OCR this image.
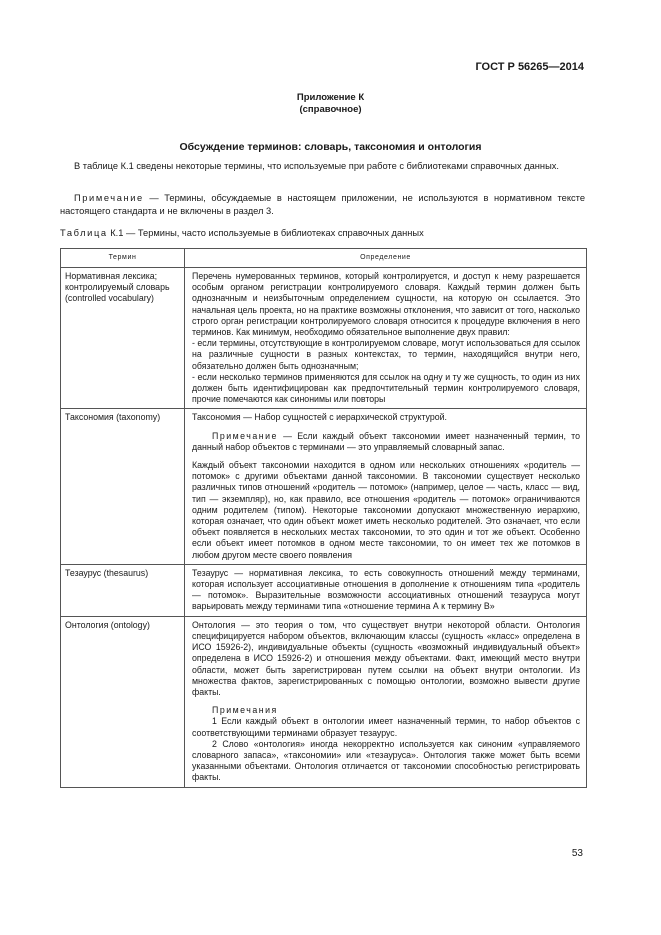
ГОСТ Р 56265—2014
Приложение К
(справочное)
Обсуждение терминов: словарь, таксономия и онтология
В таблице К.1 сведены некоторые термины, что используемые при работе с библиотеками справочных данных.
Примечание — Термины, обсуждаемые в настоящем приложении, не используются в нормативном тексте настоящего стандарта и не включены в раздел 3.
Таблица К.1 — Термины, часто используемые в библиотеках справочных данных
Термин	Определение
Нормативная лексика; контролируемый словарь (controlled vocabulary)	Перечень нумерованных терминов, который контролируется, и доступ к нему разрешается особым органом регистрации контролируемого словаря. Каждый термин должен быть однозначным и неизбыточным определением сущности, на которую он ссылается. Это начальная цель проекта, но на практике возможны отклонения, что зависит от того, насколько строго орган регистрации контролируемого словаря относится к процедуре включения в него терминов. Как минимум, необходимо обязательное выполнение двух правил:

- если термины, отсутствующие в контролируемом словаре, могут использоваться для ссылок на различные сущности в разных контекстах, то термин, находящийся внутри него, обязательно должен быть однозначным;

- если несколько терминов применяются для ссылок на одну и ту же сущность, то один из них должен быть идентифицирован как предпочтительный термин контролируемого словаря, прочие помечаются как синонимы или повторы

Таксономия (taxonomy)	Таксономия — Набор сущностей с иерархической структурой.

Примечание — Если каждый объект таксономии имеет назначенный термин, то данный набор объектов с терминами — это управляемый словарный запас.

Каждый объект таксономии находится в одном или нескольких отношениях «родитель — потомок» с другими объектами данной таксономии. В таксономии существует несколько различных типов отношений «родитель — потомок» (например, целое — часть, класс — вид, тип — экземпляр), но, как правило, все отношения «родитель — потомок» ограничиваются одним родителем (типом). Некоторые таксономии допускают множественную иерархию, которая означает, что один объект может иметь несколько родителей. Это означает, что если объект появляется в нескольких местах таксономии, то это один и тот же объект. Особенно если объект имеет потомков в одном месте таксономии, то он имеет тех же потомков в любом другом месте своего появления

Тезаурус (thesaurus)	Тезаурус — нормативная лексика, то есть совокупность отношений между терминами, которая использует ассоциативные отношения в дополнение к отношениям типа «родитель — потомок». Выразительные возможности ассоциативных отношений тезауруса могут варьировать между терминами типа «отношение термина А к термину В»

Онтология (ontology)	Онтология — это теория о том, что существует внутри некоторой области. Онтология специфицируется набором объектов, включающим классы (сущность «класс» определена в ИСО 15926-2), индивидуальные объекты (сущность «возможный индивидуальный объект» определена в ИСО 15926-2) и отношения между объектами. Факт, имеющий место внутри области, может быть зарегистрирован путем ссылки на объект внутри онтологии. Из множества фактов, зарегистрированных с помощью онтологии, возможно вывести другие факты.

Примечания

1 Если каждый объект в онтологии имеет назначенный термин, то набор объектов с соответствующими терминами образует тезаурус.

2 Слово «онтология» иногда некорректно используется как синоним «управляемого словарного запаса», «таксономии» или «тезауруса». Онтология также может быть всеми указанными объектами. Онтология отличается от таксономии способностью регистрировать факты.

53
